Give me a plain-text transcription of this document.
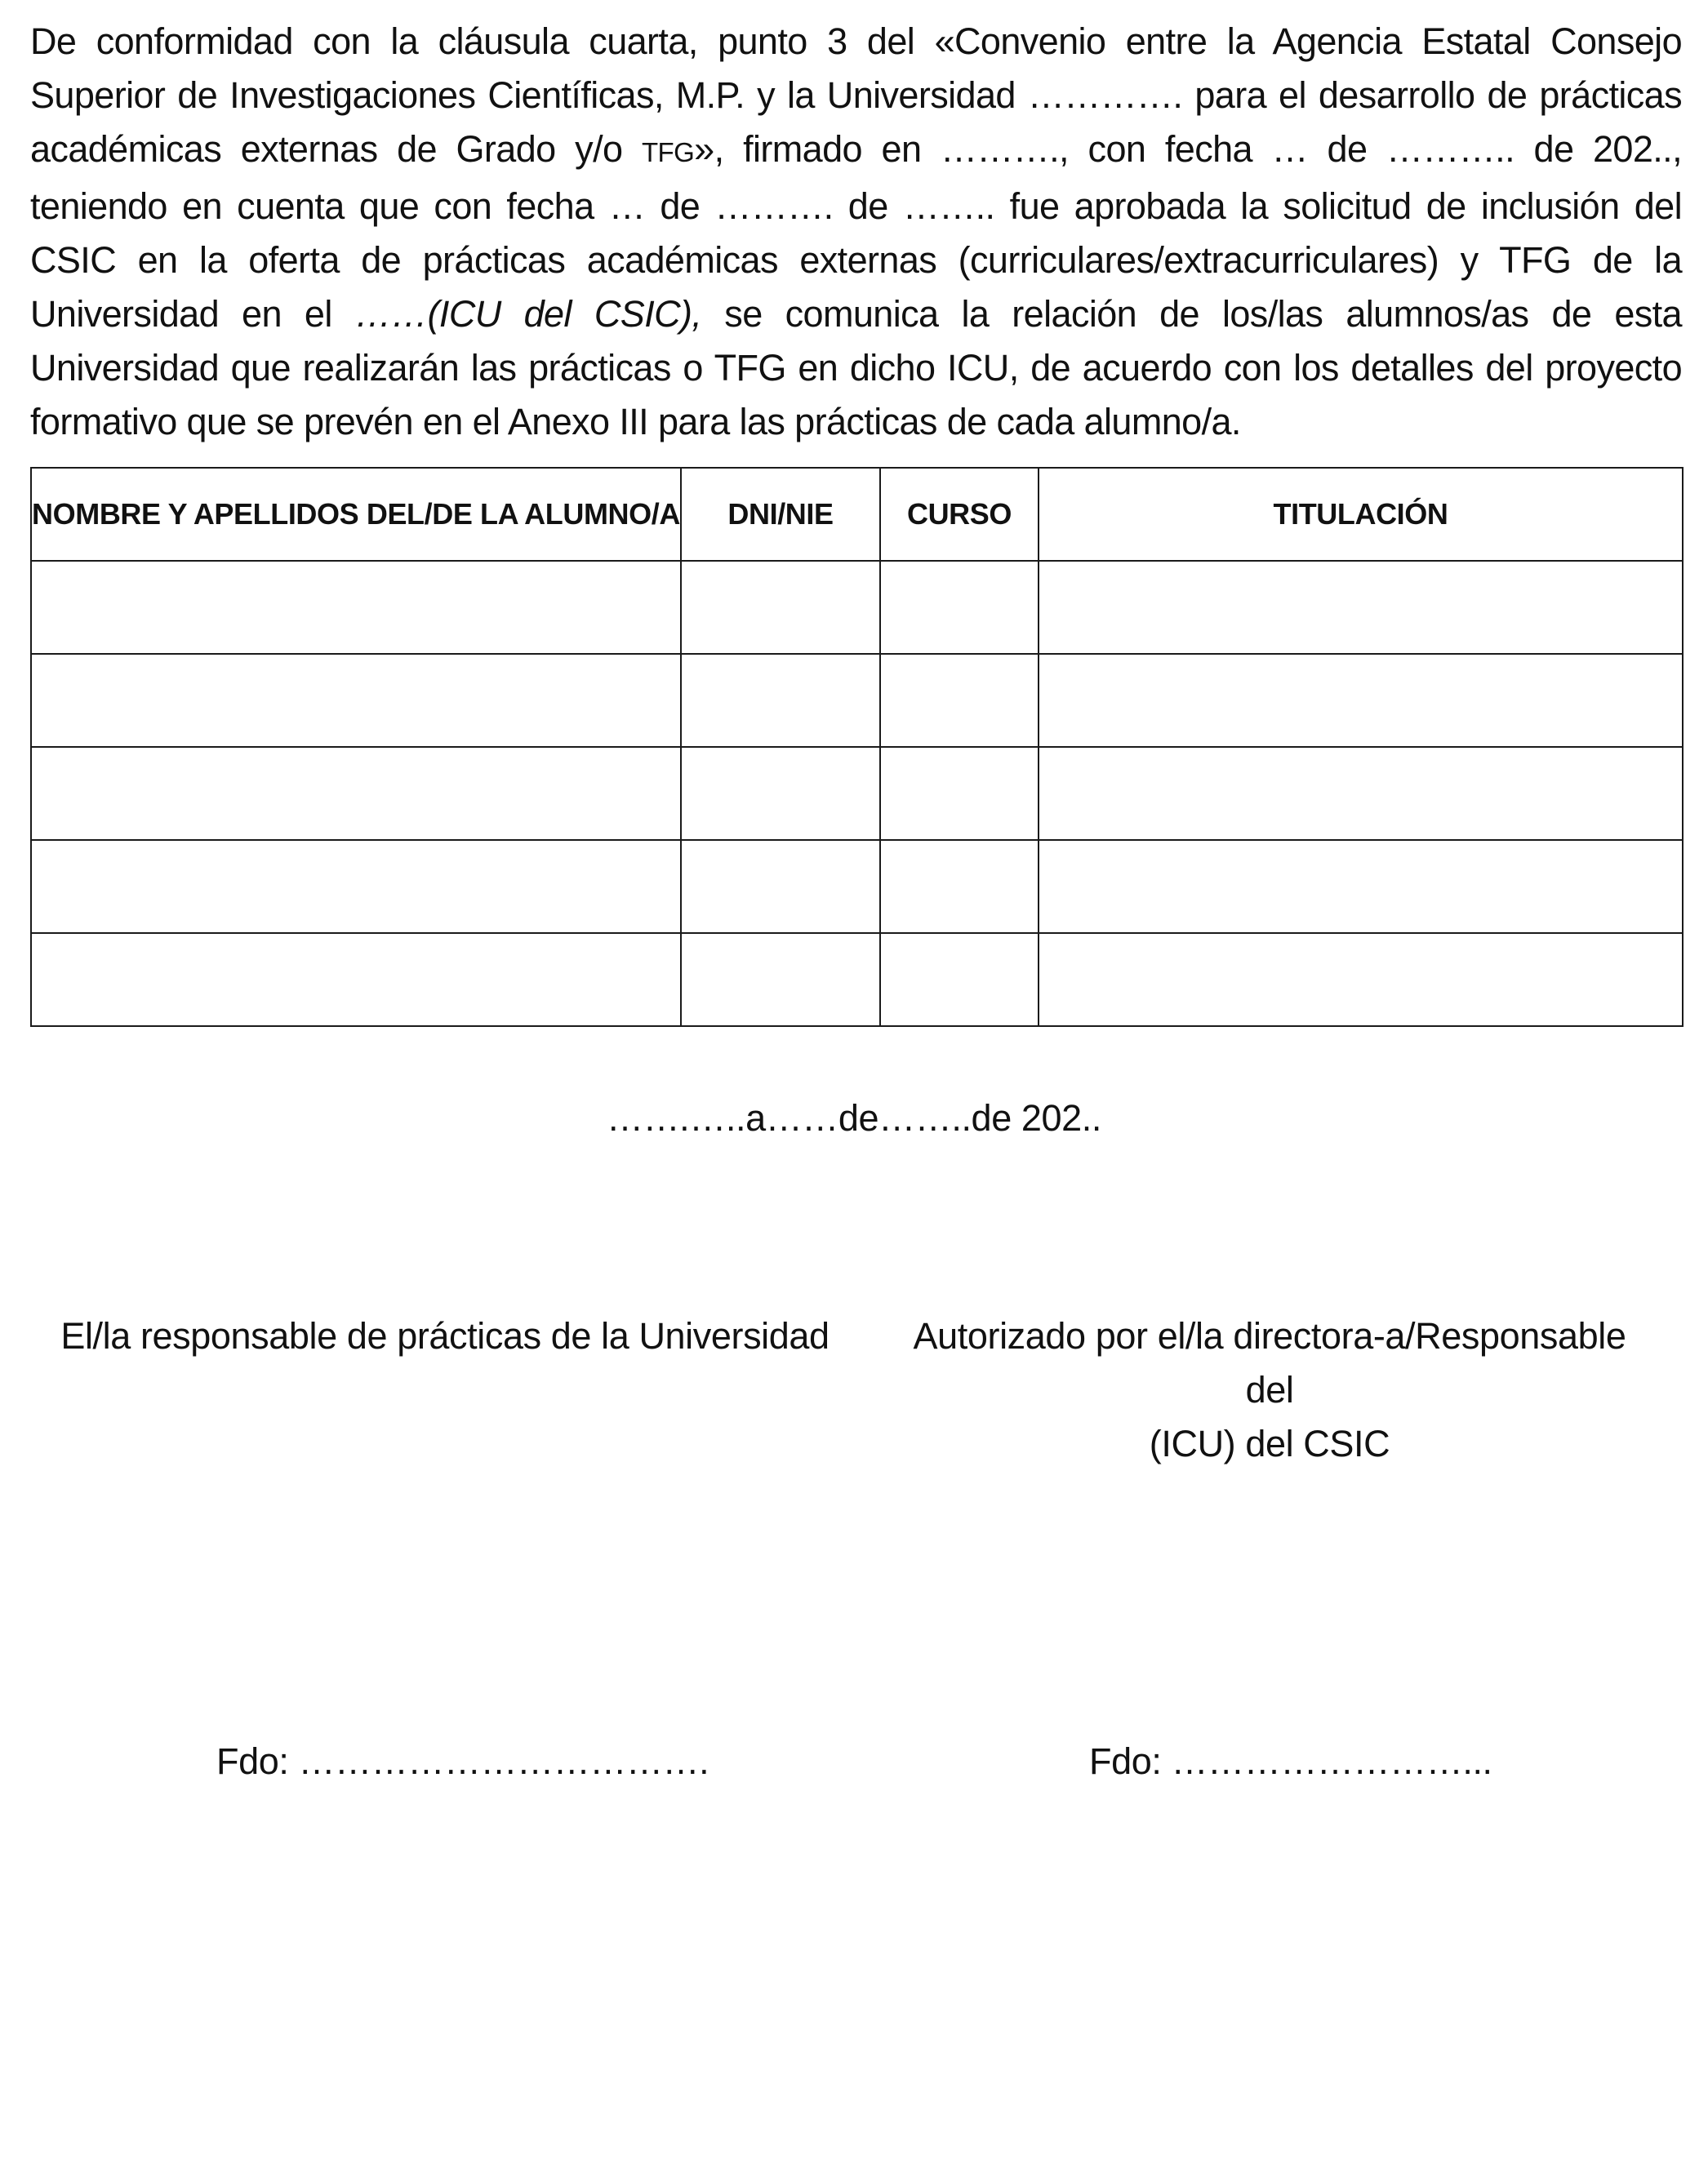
De conformidad con la cláusula cuarta, punto 3 del «Convenio entre la Agencia Estatal Consejo Superior de Investigaciones Científicas, M.P. y la Universidad …………. para el desarrollo de prácticas académicas externas de Grado y/o TFG», firmado en ………., con fecha … de ……….. de 202.., teniendo en cuenta que con fecha … de ………. de …….. fue aprobada la solicitud de inclusión del CSIC en la oferta de prácticas académicas externas (curriculares/extracurriculares) y TFG de la Universidad en el ……(ICU del CSIC), se comunica la relación de los/las alumnos/as de esta Universidad que realizarán las prácticas o TFG en dicho ICU, de acuerdo con los detalles del proyecto formativo que se prevén en el Anexo III para las prácticas de cada alumno/a.

NOMBRE Y APELLIDOS DEL/DE LA ALUMNO/A	DNI/NIE	CURSO	TITULACIÓN

…….…..a……de……..de 202..

El/la responsable de prácticas de la Universidad	Autorizado por el/la directora-a/Responsable del
(ICU) del CSIC

Fdo: …………………………….	Fdo: ……………………...
